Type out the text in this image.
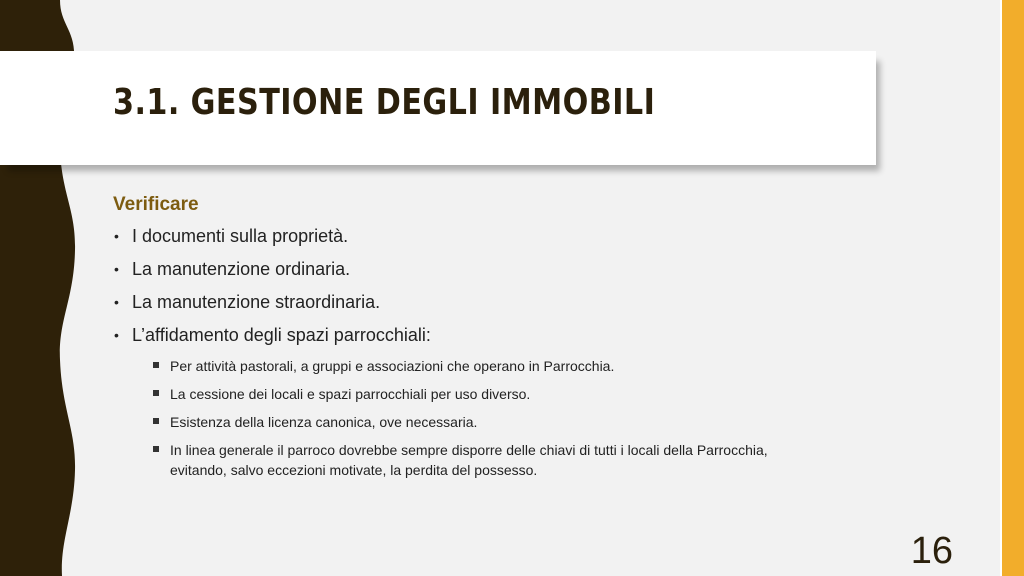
3.1. GESTIONE DEGLI IMMOBILI

Verificare

• I documenti sulla proprietà.
• La manutenzione ordinaria.
• La manutenzione straordinaria.
• L’affidamento degli spazi parrocchiali:
Per attività pastorali, a gruppi e associazioni che operano in Parrocchia.
La cessione dei locali e spazi parrocchiali per uso diverso.
Esistenza della licenza canonica, ove necessaria.
In linea generale il parroco dovrebbe sempre disporre delle chiavi di tutti i locali della Parrocchia, evitando, salvo eccezioni motivate, la perdita del possesso.
16
